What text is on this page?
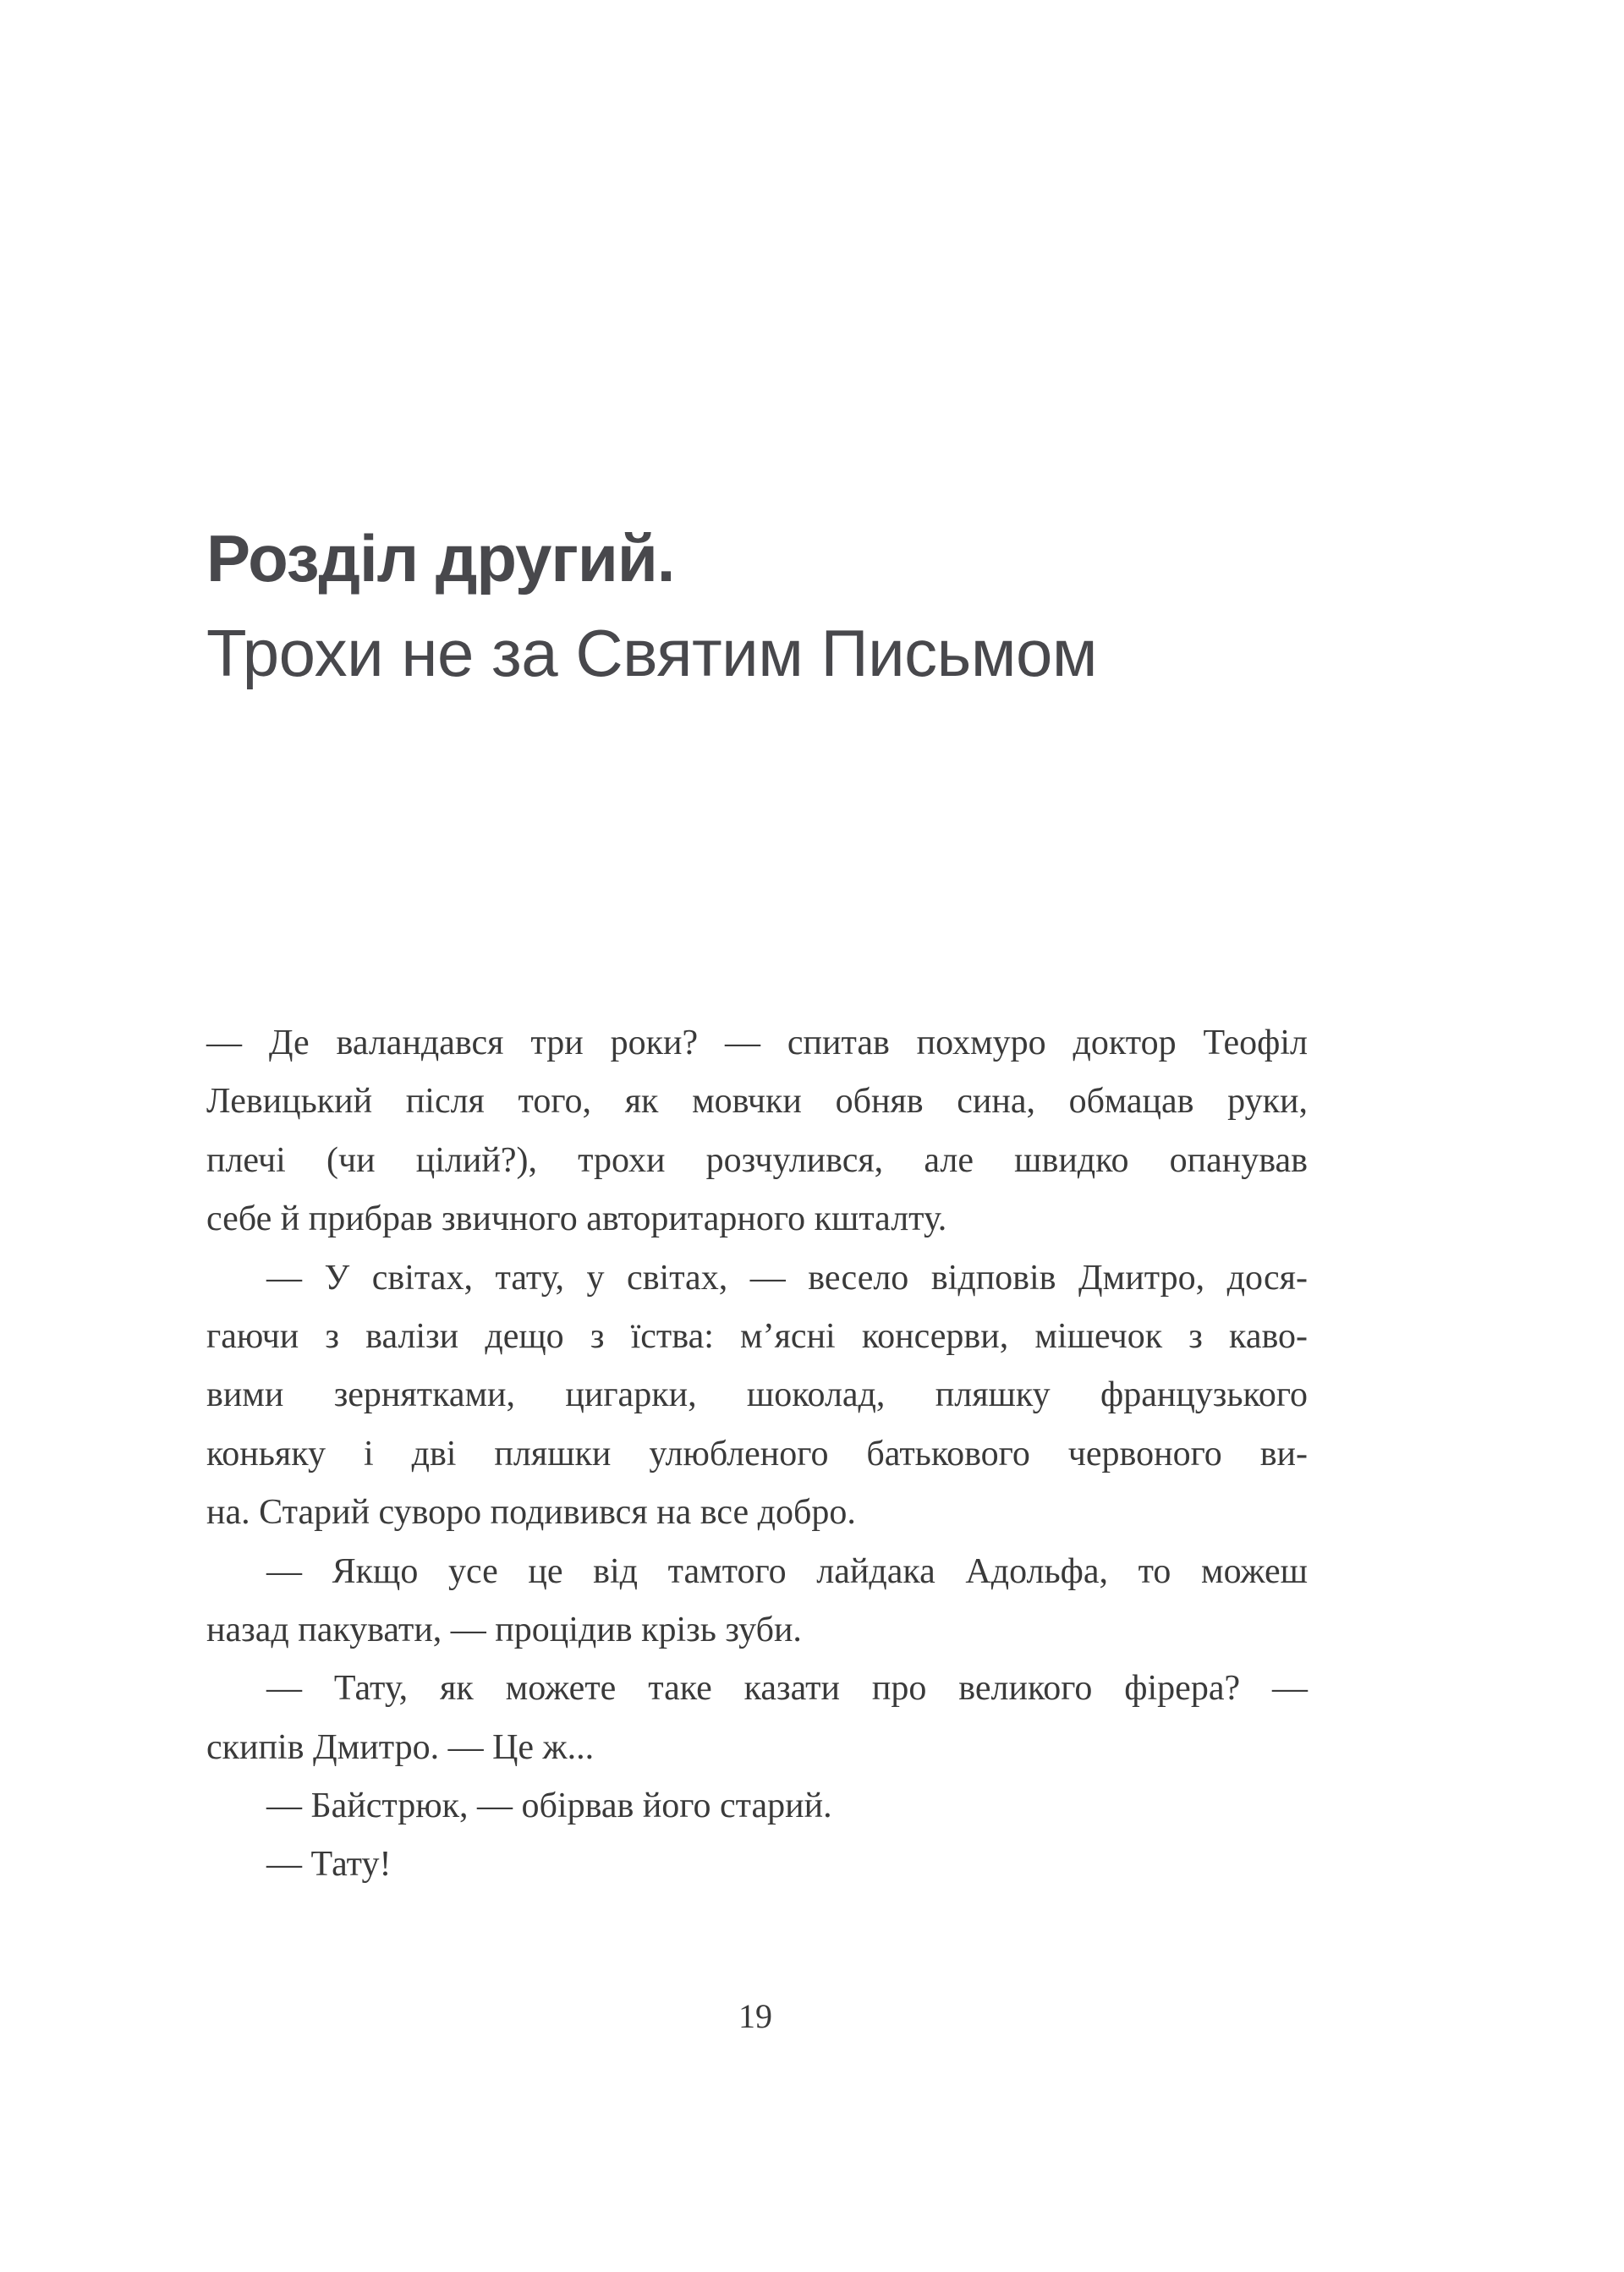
Розділ другий.
Трохи не за Святим Письмом
— Де валандався три роки? — спитав похмуро доктор Теофіл
Левицький після того, як мовчки обняв сина, обмацав руки,
плечі (чи цілий?), трохи розчулився, але швидко опанував
себе й прибрав звичного авторитарного кшталту.
— У світах, тату, у світах, — весело відповів Дмитро, дося-
гаючи з валізи дещо з їства: м’ясні консерви, мішечок з каво-
вими зернятками, цигарки, шоколад, пляшку французького
коньяку і дві пляшки улюбленого батькового червоного ви-
на. Старий суворо подивився на все добро.
— Якщо усе це від тамтого лайдака Адольфа, то можеш
назад пакувати, — процідив крізь зуби.
— Тату, як можете таке казати про великого фірера? —
скипів Дмитро. — Це ж...
— Байстрюк, — обірвав його старий.
— Тату!
19
